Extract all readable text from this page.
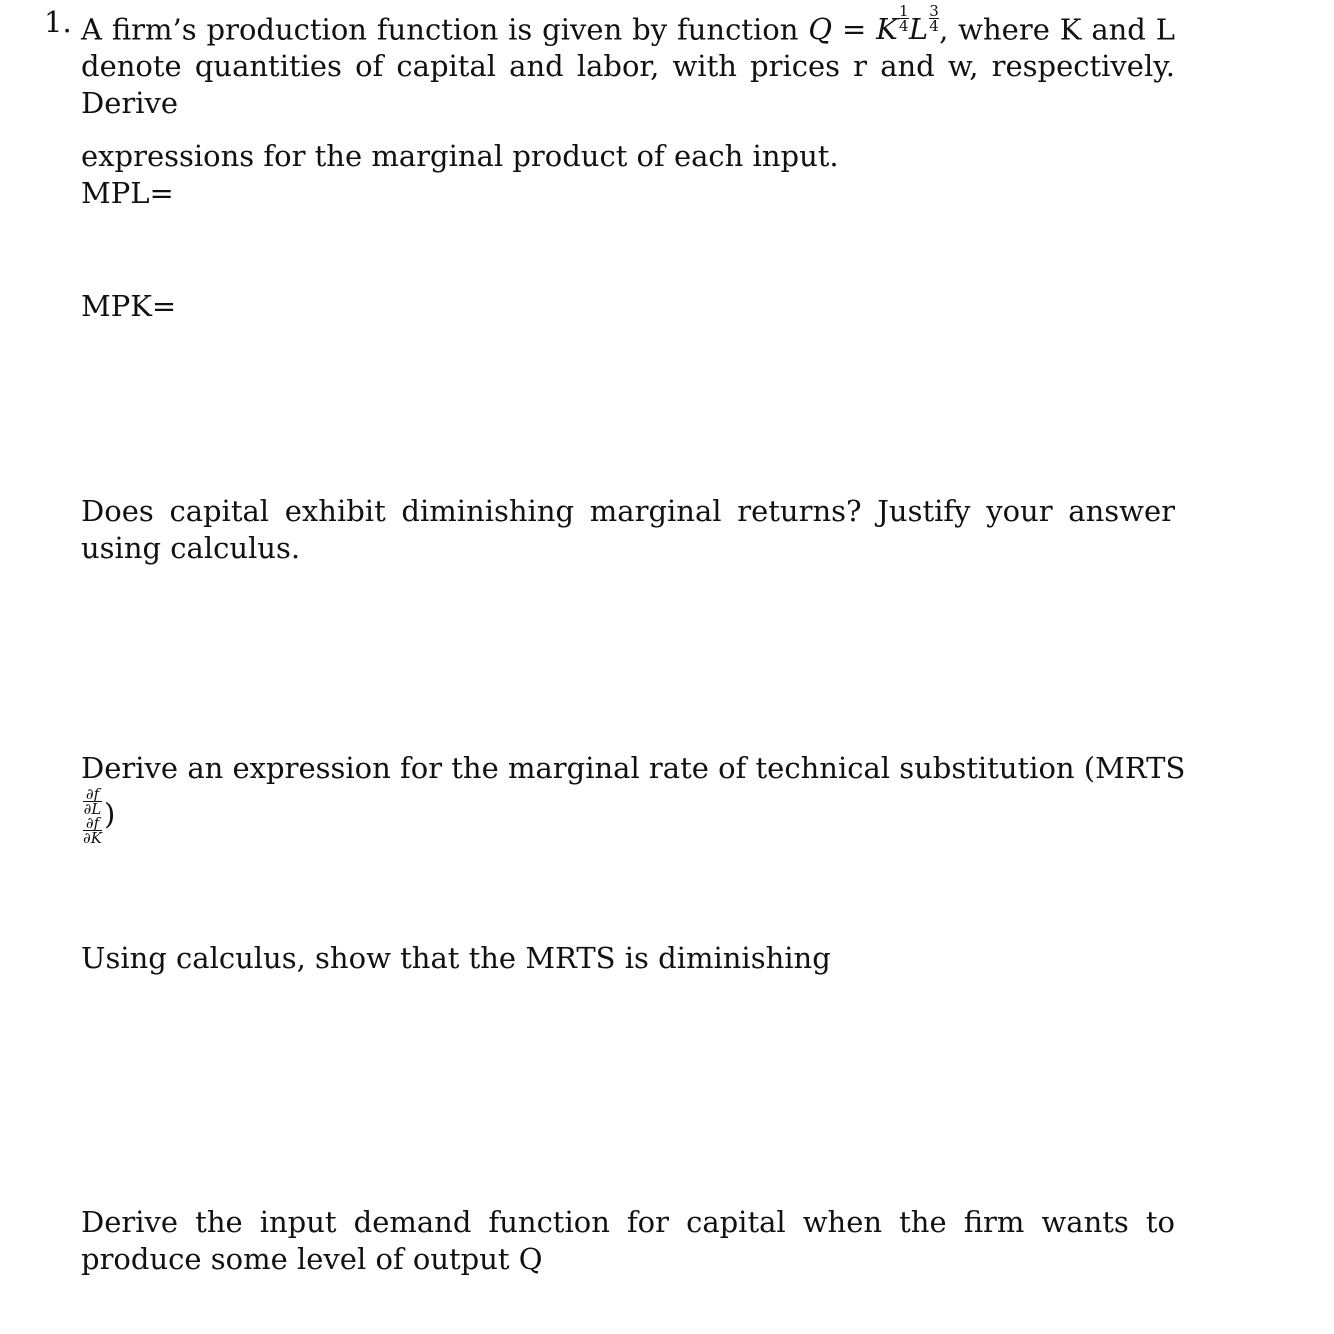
1. A firm’s production function is given by function Q = K $^{\frac{1}{4}}$ L $^{\frac{3}{4}}$ , where K and L denote quantities of capital and labor, with prices r and w, respectively. Derive
expressions for the marginal product of each input.
MPL=
MPK=
Does capital exhibit diminishing marginal returns? Justify your answer using calculus.
Derive an expression for the marginal rate of technical substitution (MRTS
∂f
∂L
∂f
∂K
)
Using calculus, show that the MRTS is diminishing
Derive the input demand function for capital when the firm wants to produce some level of output Q
